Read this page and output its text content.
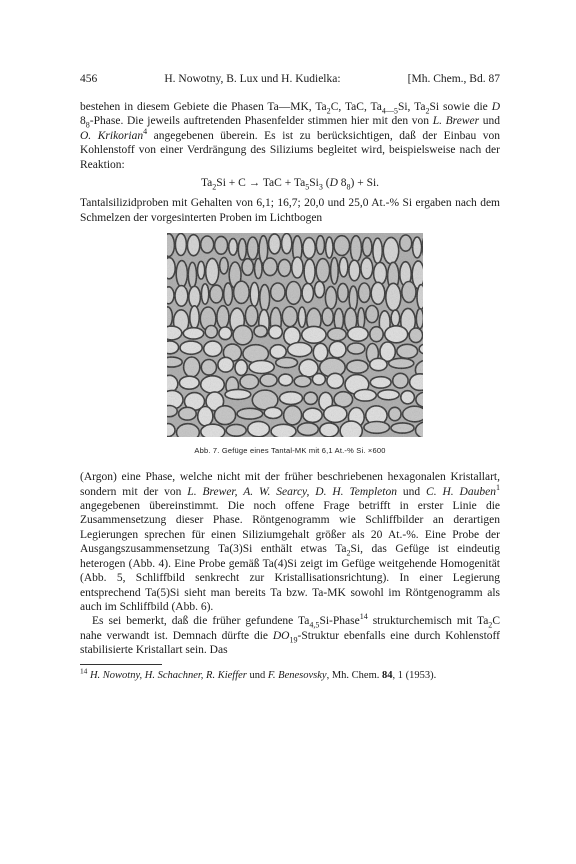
456	H. Nowotny, B. Lux und H. Kudielka:	[Mh. Chem., Bd. 87

bestehen in diesem Gebiete die Phasen Ta—MK, $Ta_2C$, TaC, $Ta_{4—5}Si$, $Ta_2Si$ sowie die D $8_8$-Phase. Die jeweils auftretenden Phasenfelder stimmen hier mit den von L. Brewer und O. Krikorian$^4$ angegebenen überein. Es ist zu berücksichtigen, daß der Einbau von Kohlenstoff von einer Verdrängung des Siliziums begleitet wird, beispielsweise nach der Reaktion:

$Ta_2Si + C$ → TaC + $Ta_5Si_3$ (D $8_8) + Si$.

Tantalsilizidproben mit Gehalten von 6,1; 16,7; 20,0 und 25,0 At.-% Si ergaben nach dem Schmelzen der vorgesinterten Proben im Lichtbogen

Abb. 7. Gefüge eines Tantal-MK mit 6,1 At.-% Si. ×600

(Argon) eine Phase, welche nicht mit der früher beschriebenen hexagonalen Kristallart, sondern mit der von L. Brewer, A. W. Searcy, D. H. Templeton und C. H. Dauben$^1$ angegebenen übereinstimmt. Die noch offene Frage betrifft in erster Linie die Zusammensetzung dieser Phase. Röntgenogramm wie Schliffbilder an derartigen Legierungen sprechen für einen Siliziumgehalt größer als 20 At.-%. Eine Probe der Ausgangszusammensetzung Ta(3)Si enthält etwas $Ta_2Si$, das Gefüge ist eindeutig heterogen (Abb. 4). Eine Probe gemäß Ta(4)Si zeigt im Gefüge weitgehende Homogenität (Abb. 5, Schliffbild senkrecht zur Kristallisationsrichtung). In einer Legierung entsprechend Ta(5)Si sieht man bereits Ta bzw. Ta-MK sowohl im Röntgenogramm als auch im Schliffbild (Abb. 6).

Es sei bemerkt, daß die früher gefundene $Ta_{4,5}Si-Phase^{14}$ strukturchemisch mit $Ta_2C$ nahe verwandt ist. Demnach dürfte die $DO_{19}$-Struktur ebenfalls eine durch Kohlenstoff stabilisierte Kristallart sein. Das

$^{14}$ H. Nowotny, H. Schachner, R. Kieffer und F. Benesovsky, Mh. Chem. 84, 1 (1953).
